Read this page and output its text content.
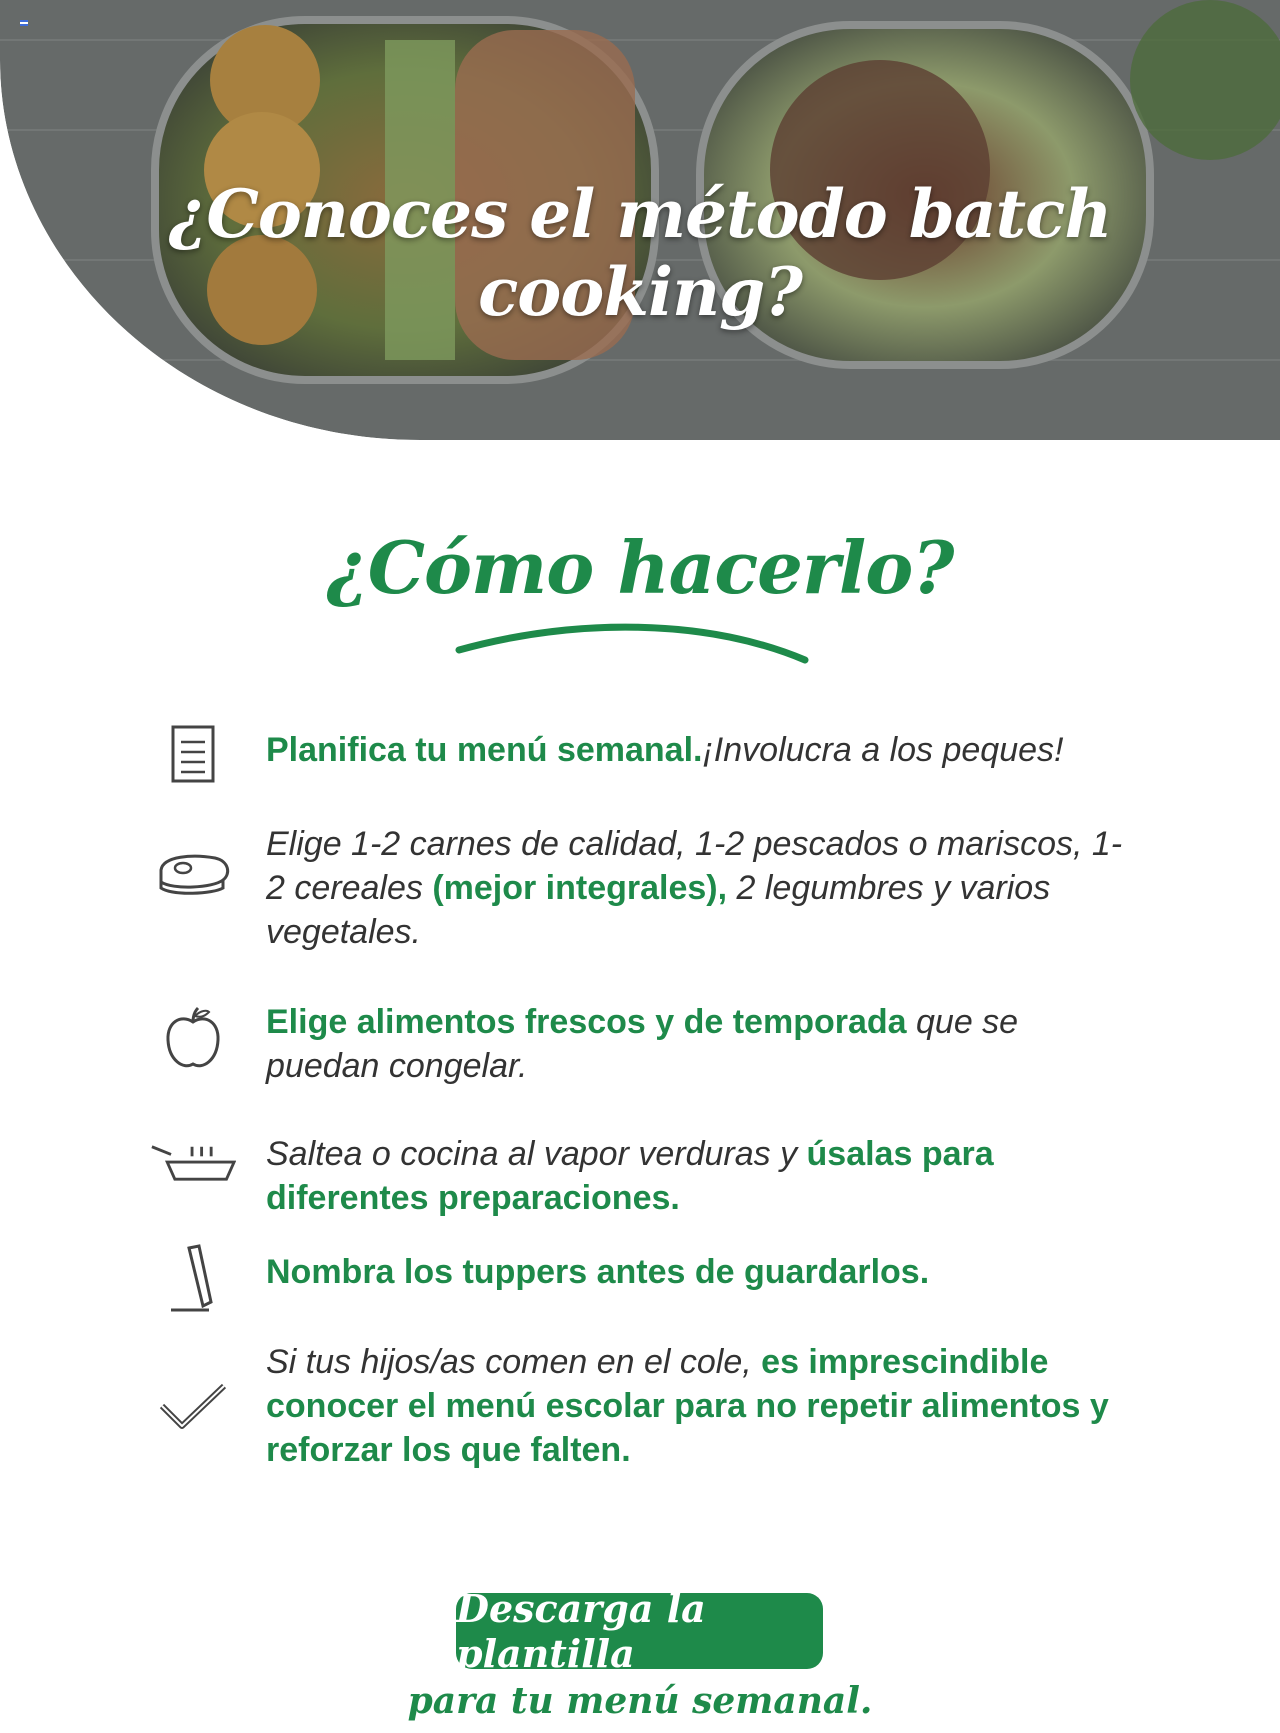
¿Conoces el método batch cooking?
¿Cómo hacerlo?
Planifica tu menú semanal.¡Involucra a los peques!
Elige 1-2 carnes de calidad, 1-2 pescados o mariscos, 1-2 cereales (mejor integrales), 2 legumbres y varios vegetales.
Elige alimentos frescos y de temporada que se puedan congelar.
Saltea o cocina al vapor verduras y úsalas para diferentes preparaciones.
Nombra los tuppers antes de guardarlos.
Si tus hijos/as comen en el cole, es imprescindible conocer el menú escolar para no repetir alimentos y reforzar los que falten.
Descarga la plantilla
para tu menú semanal.
